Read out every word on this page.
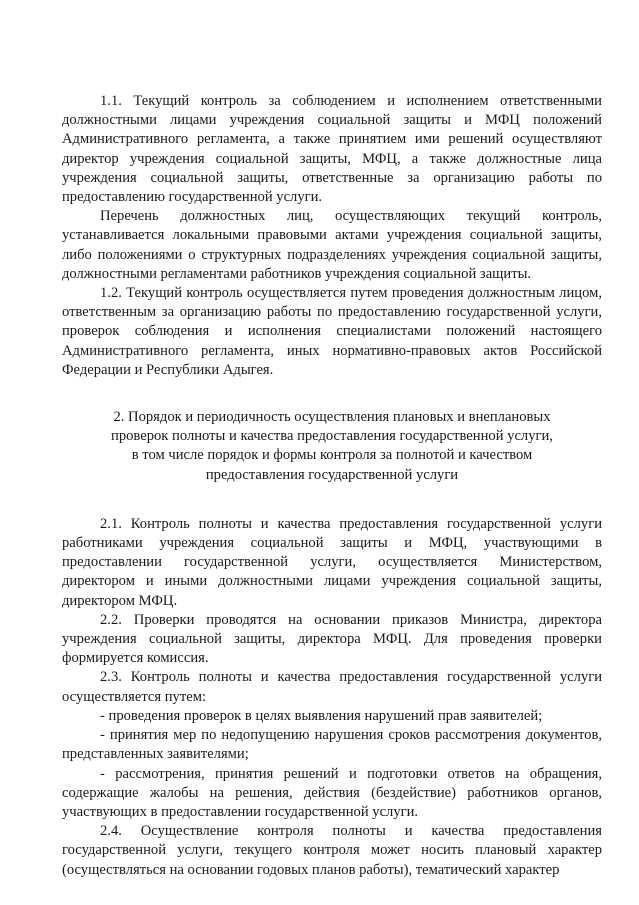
1.1. Текущий контроль за соблюдением и исполнением ответственными должностными лицами учреждения социальной защиты и МФЦ положений Административного регламента, а также принятием ими решений осуществляют директор учреждения социальной защиты, МФЦ, а также должностные лица учреждения социальной защиты, ответственные за организацию работы по предоставлению государственной услуги.

Перечень должностных лиц, осуществляющих текущий контроль, устанавливается локальными правовыми актами учреждения социальной защиты, либо положениями о структурных подразделениях учреждения социальной защиты, должностными регламентами работников учреждения социальной защиты.

1.2. Текущий контроль осуществляется путем проведения должностным лицом, ответственным за организацию работы по предоставлению государственной услуги, проверок соблюдения и исполнения специалистами положений настоящего Административного регламента, иных нормативно-правовых актов Российской Федерации и Республики Адыгея.

2. Порядок и периодичность осуществления плановых и внеплановых
проверок полноты и качества предоставления государственной услуги,
в том числе порядок и формы контроля за полнотой и качеством
предоставления государственной услуги

2.1. Контроль полноты и качества предоставления государственной услуги работниками учреждения социальной защиты и МФЦ, участвующими в предоставлении государственной услуги, осуществляется Министерством, директором и иными должностными лицами учреждения социальной защиты, директором МФЦ.

2.2. Проверки проводятся на основании приказов Министра, директора учреждения социальной защиты, директора МФЦ. Для проведения проверки формируется комиссия.

2.3. Контроль полноты и качества предоставления государственной услуги осуществляется путем:

- проведения проверок в целях выявления нарушений прав заявителей;

- принятия мер по недопущению нарушения сроков рассмотрения документов, представленных заявителями;

- рассмотрения, принятия решений и подготовки ответов на обращения, содержащие жалобы на решения, действия (бездействие) работников органов, участвующих в предоставлении государственной услуги.

2.4. Осуществление контроля полноты и качества предоставления государственной услуги, текущего контроля может носить плановый характер (осуществляться на основании годовых планов работы), тематический характер
